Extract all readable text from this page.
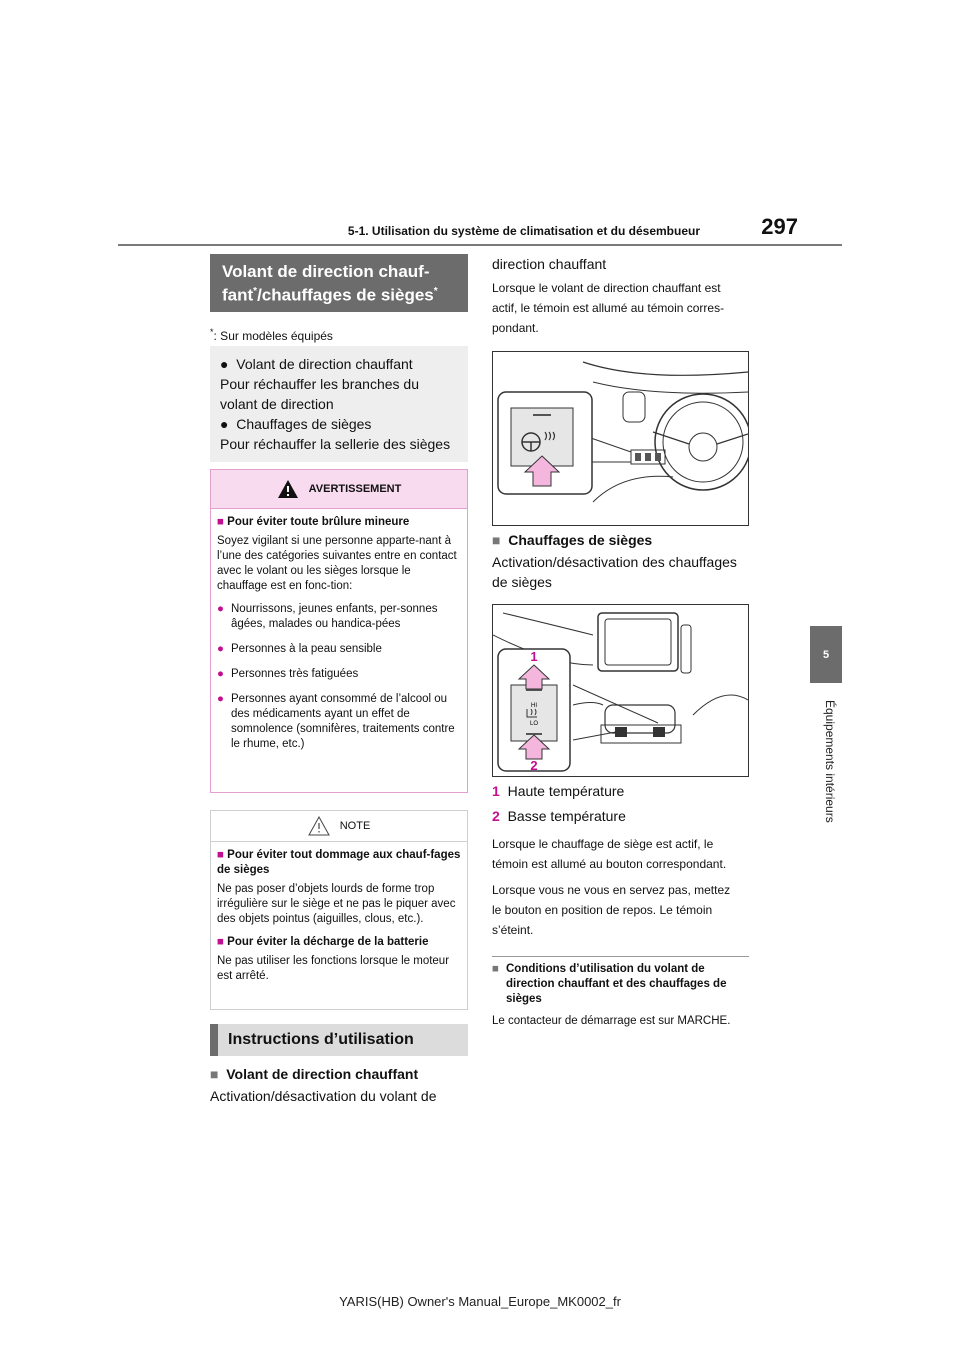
5-1. Utilisation du système de climatisation et du désembueur	297
5
Équipements intérieurs
Volant de direction chauf-
fant*/chauffages de sièges*
*: Sur modèles équipés
●  Volant de direction chauffant
Pour réchauffer les branches du
volant de direction
●  Chauffages de sièges
Pour réchauffer la sellerie des sièges
AVERTISSEMENT
■ Pour éviter toute brûlure mineure
Soyez vigilant si une personne apparte-nant à l’une des catégories suivantes entre en contact avec le volant ou les sièges lorsque le chauffage est en fonc-tion:
● Nourrissons, jeunes enfants, per-sonnes âgées, malades ou handica-pées
● Personnes à la peau sensible
● Personnes très fatiguées
● Personnes ayant consommé de l’alcool ou des médicaments ayant un effet de somnolence (somnifères, traitements contre le rhume, etc.)
NOTE
■ Pour éviter tout dommage aux chauf-fages de sièges
Ne pas poser d’objets lourds de forme trop irrégulière sur le siège et ne pas le piquer avec des objets pointus (aiguilles, clous, etc.).
■ Pour éviter la décharge de la batterie
Ne pas utiliser les fonctions lorsque le moteur est arrêté.
Instructions d’utilisation
■ Volant de direction chauffant
Activation/désactivation du volant de
direction chauffant
Lorsque le volant de direction chauffant est
actif, le témoin est allumé au témoin corres-
pondant.
■ Chauffages de sièges
Activation/désactivation des chauffages
de sièges
HI
LO
1
2
1 Haute température
2 Basse température
Lorsque le chauffage de siège est actif, le
témoin est allumé au bouton correspondant.
Lorsque vous ne vous en servez pas, mettez
le bouton en position de repos. Le témoin
s’éteint.
■ Conditions d’utilisation du volant de direction chauffant et des chauffages de sièges
Le contacteur de démarrage est sur MARCHE.
YARIS(HB) Owner's Manual_Europe_MK0002_fr
